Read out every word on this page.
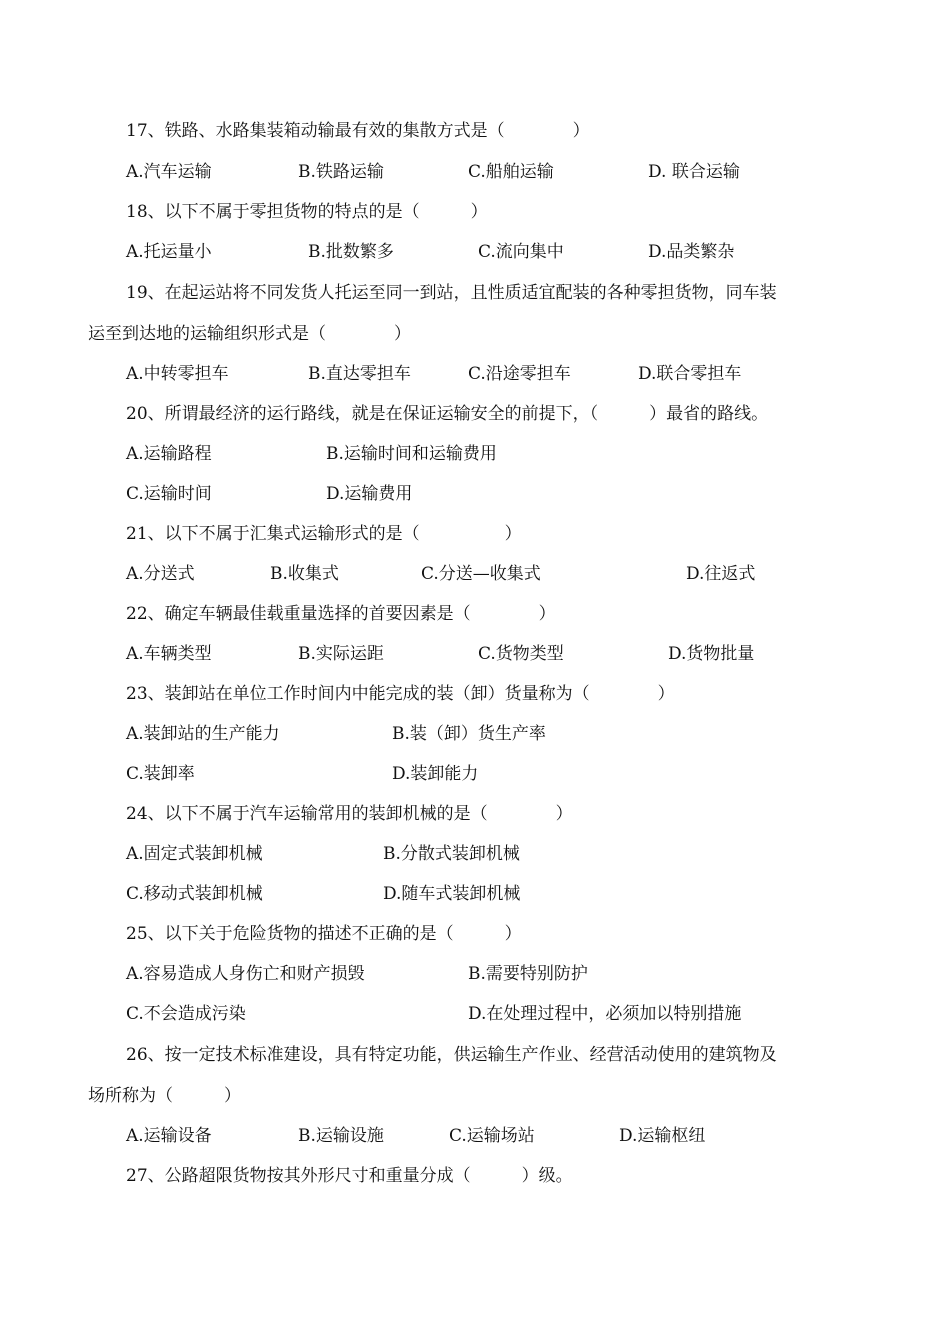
17、铁路、水路集装箱动输最有效的集散方式是（　　　　）
A.汽车运输	B.铁路运输	C.船舶运输	D. 联合运输
18、以下不属于零担货物的特点的是（　　　）
A.托运量小	B.批数繁多	C.流向集中	D.品类繁杂
19、在起运站将不同发货人托运至同一到站，且性质适宜配装的各种零担货物，同车装
运至到达地的运输组织形式是（　　　　）
A.中转零担车	B.直达零担车	C.沿途零担车	D.联合零担车
20、所谓最经济的运行路线，就是在保证运输安全的前提下，（　　　）最省的路线。
A.运输路程	B.运输时间和运输费用
C.运输时间	D.运输费用
21、以下不属于汇集式运输形式的是（　　　　　）
A.分送式	B.收集式	C.分送—收集式	D.往返式
22、确定车辆最佳载重量选择的首要因素是（　　　　）
A.车辆类型	B.实际运距	C.货物类型	D.货物批量
23、装卸站在单位工作时间内中能完成的装（卸）货量称为（　　　　）
A.装卸站的生产能力	B.装（卸）货生产率
C.装卸率	D.装卸能力
24、以下不属于汽车运输常用的装卸机械的是（　　　　）
A.固定式装卸机械	B.分散式装卸机械
C.移动式装卸机械	D.随车式装卸机械
25、以下关于危险货物的描述不正确的是（　　　）
A.容易造成人身伤亡和财产损毁	B.需要特别防护
C.不会造成污染	D.在处理过程中，必须加以特别措施
26、按一定技术标准建设，具有特定功能，供运输生产作业、经营活动使用的建筑物及
场所称为（　　　）
A.运输设备	B.运输设施	C.运输场站	D.运输枢纽
27、公路超限货物按其外形尺寸和重量分成（　　　）级。
